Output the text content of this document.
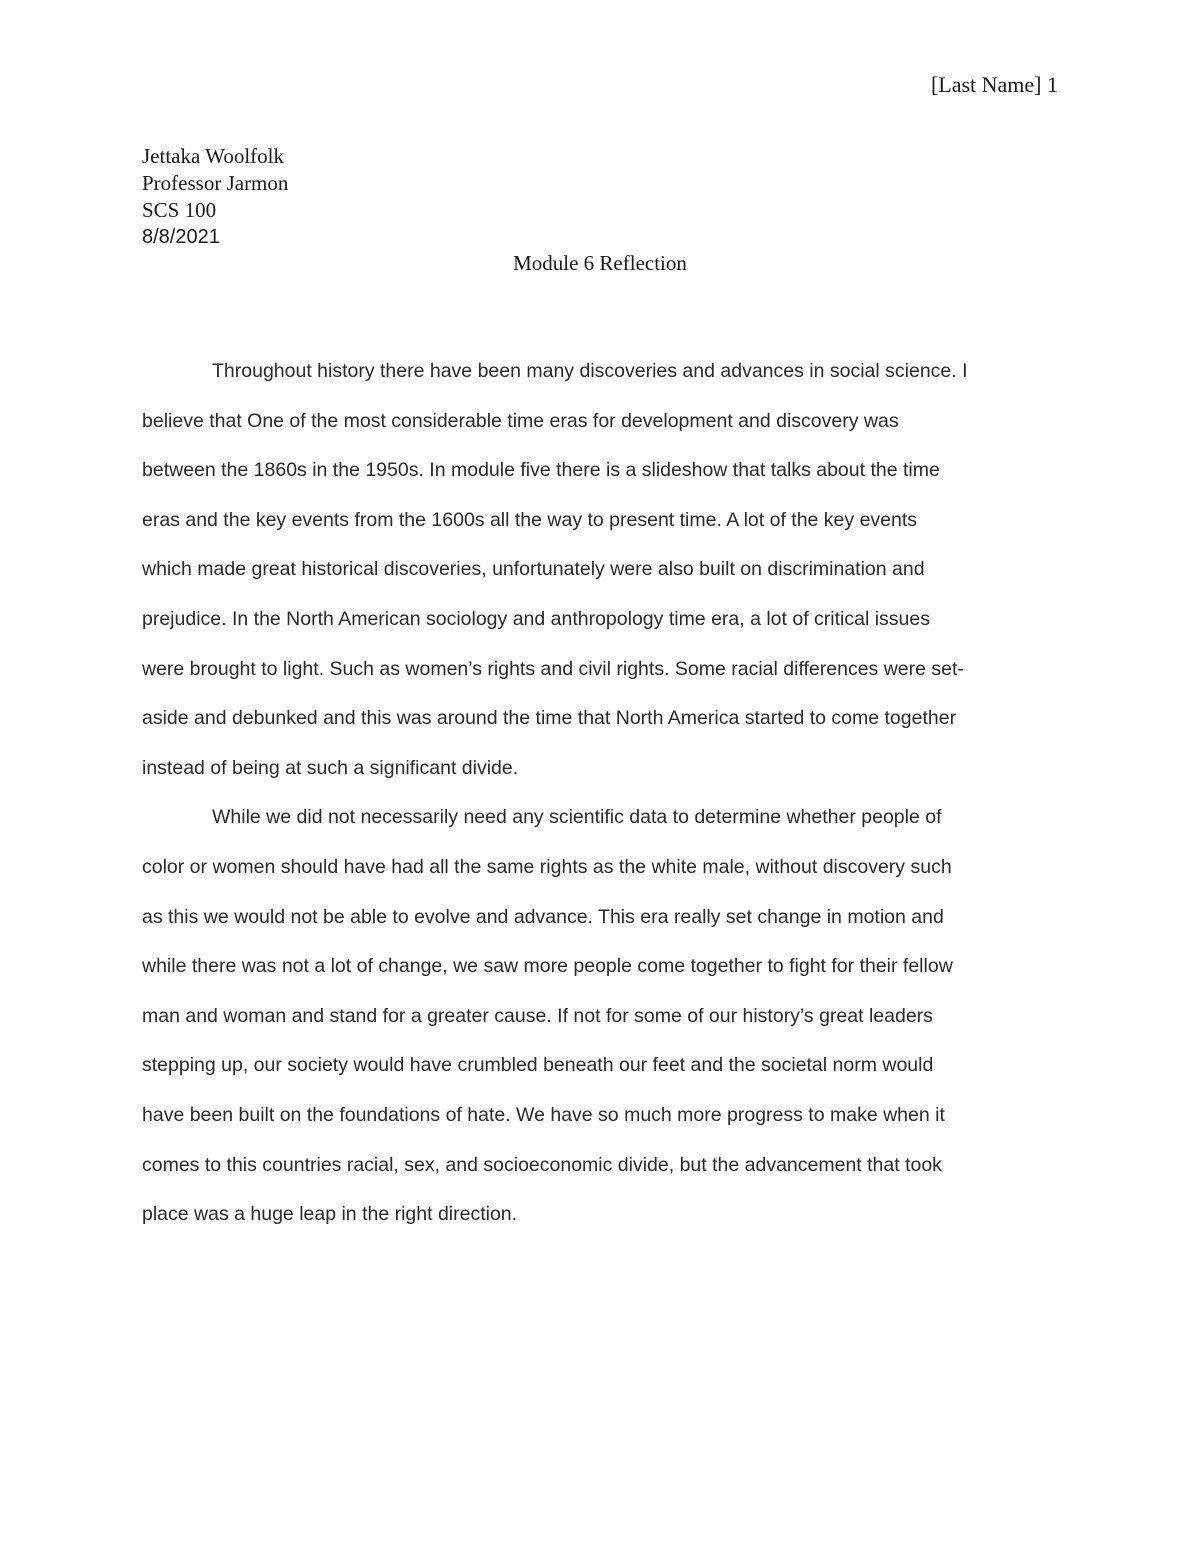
[Last Name] 1
Jettaka Woolfolk
Professor Jarmon
SCS 100
8/8/2021
Module 6 Reflection
Throughout history there have been many discoveries and advances in social science. I
believe that One of the most considerable time eras for development and discovery was
between the 1860s in the 1950s. In module five there is a slideshow that talks about the time
eras and the key events from the 1600s all the way to present time. A lot of the key events
which made great historical discoveries, unfortunately were also built on discrimination and
prejudice. In the North American sociology and anthropology time era, a lot of critical issues
were brought to light. Such as women’s rights and civil rights. Some racial differences were set-
aside and debunked and this was around the time that North America started to come together
instead of being at such a significant divide.
While we did not necessarily need any scientific data to determine whether people of
color or women should have had all the same rights as the white male, without discovery such
as this we would not be able to evolve and advance. This era really set change in motion and
while there was not a lot of change, we saw more people come together to fight for their fellow
man and woman and stand for a greater cause. If not for some of our history’s great leaders
stepping up, our society would have crumbled beneath our feet and the societal norm would
have been built on the foundations of hate. We have so much more progress to make when it
comes to this countries racial, sex, and socioeconomic divide, but the advancement that took
place was a huge leap in the right direction.
